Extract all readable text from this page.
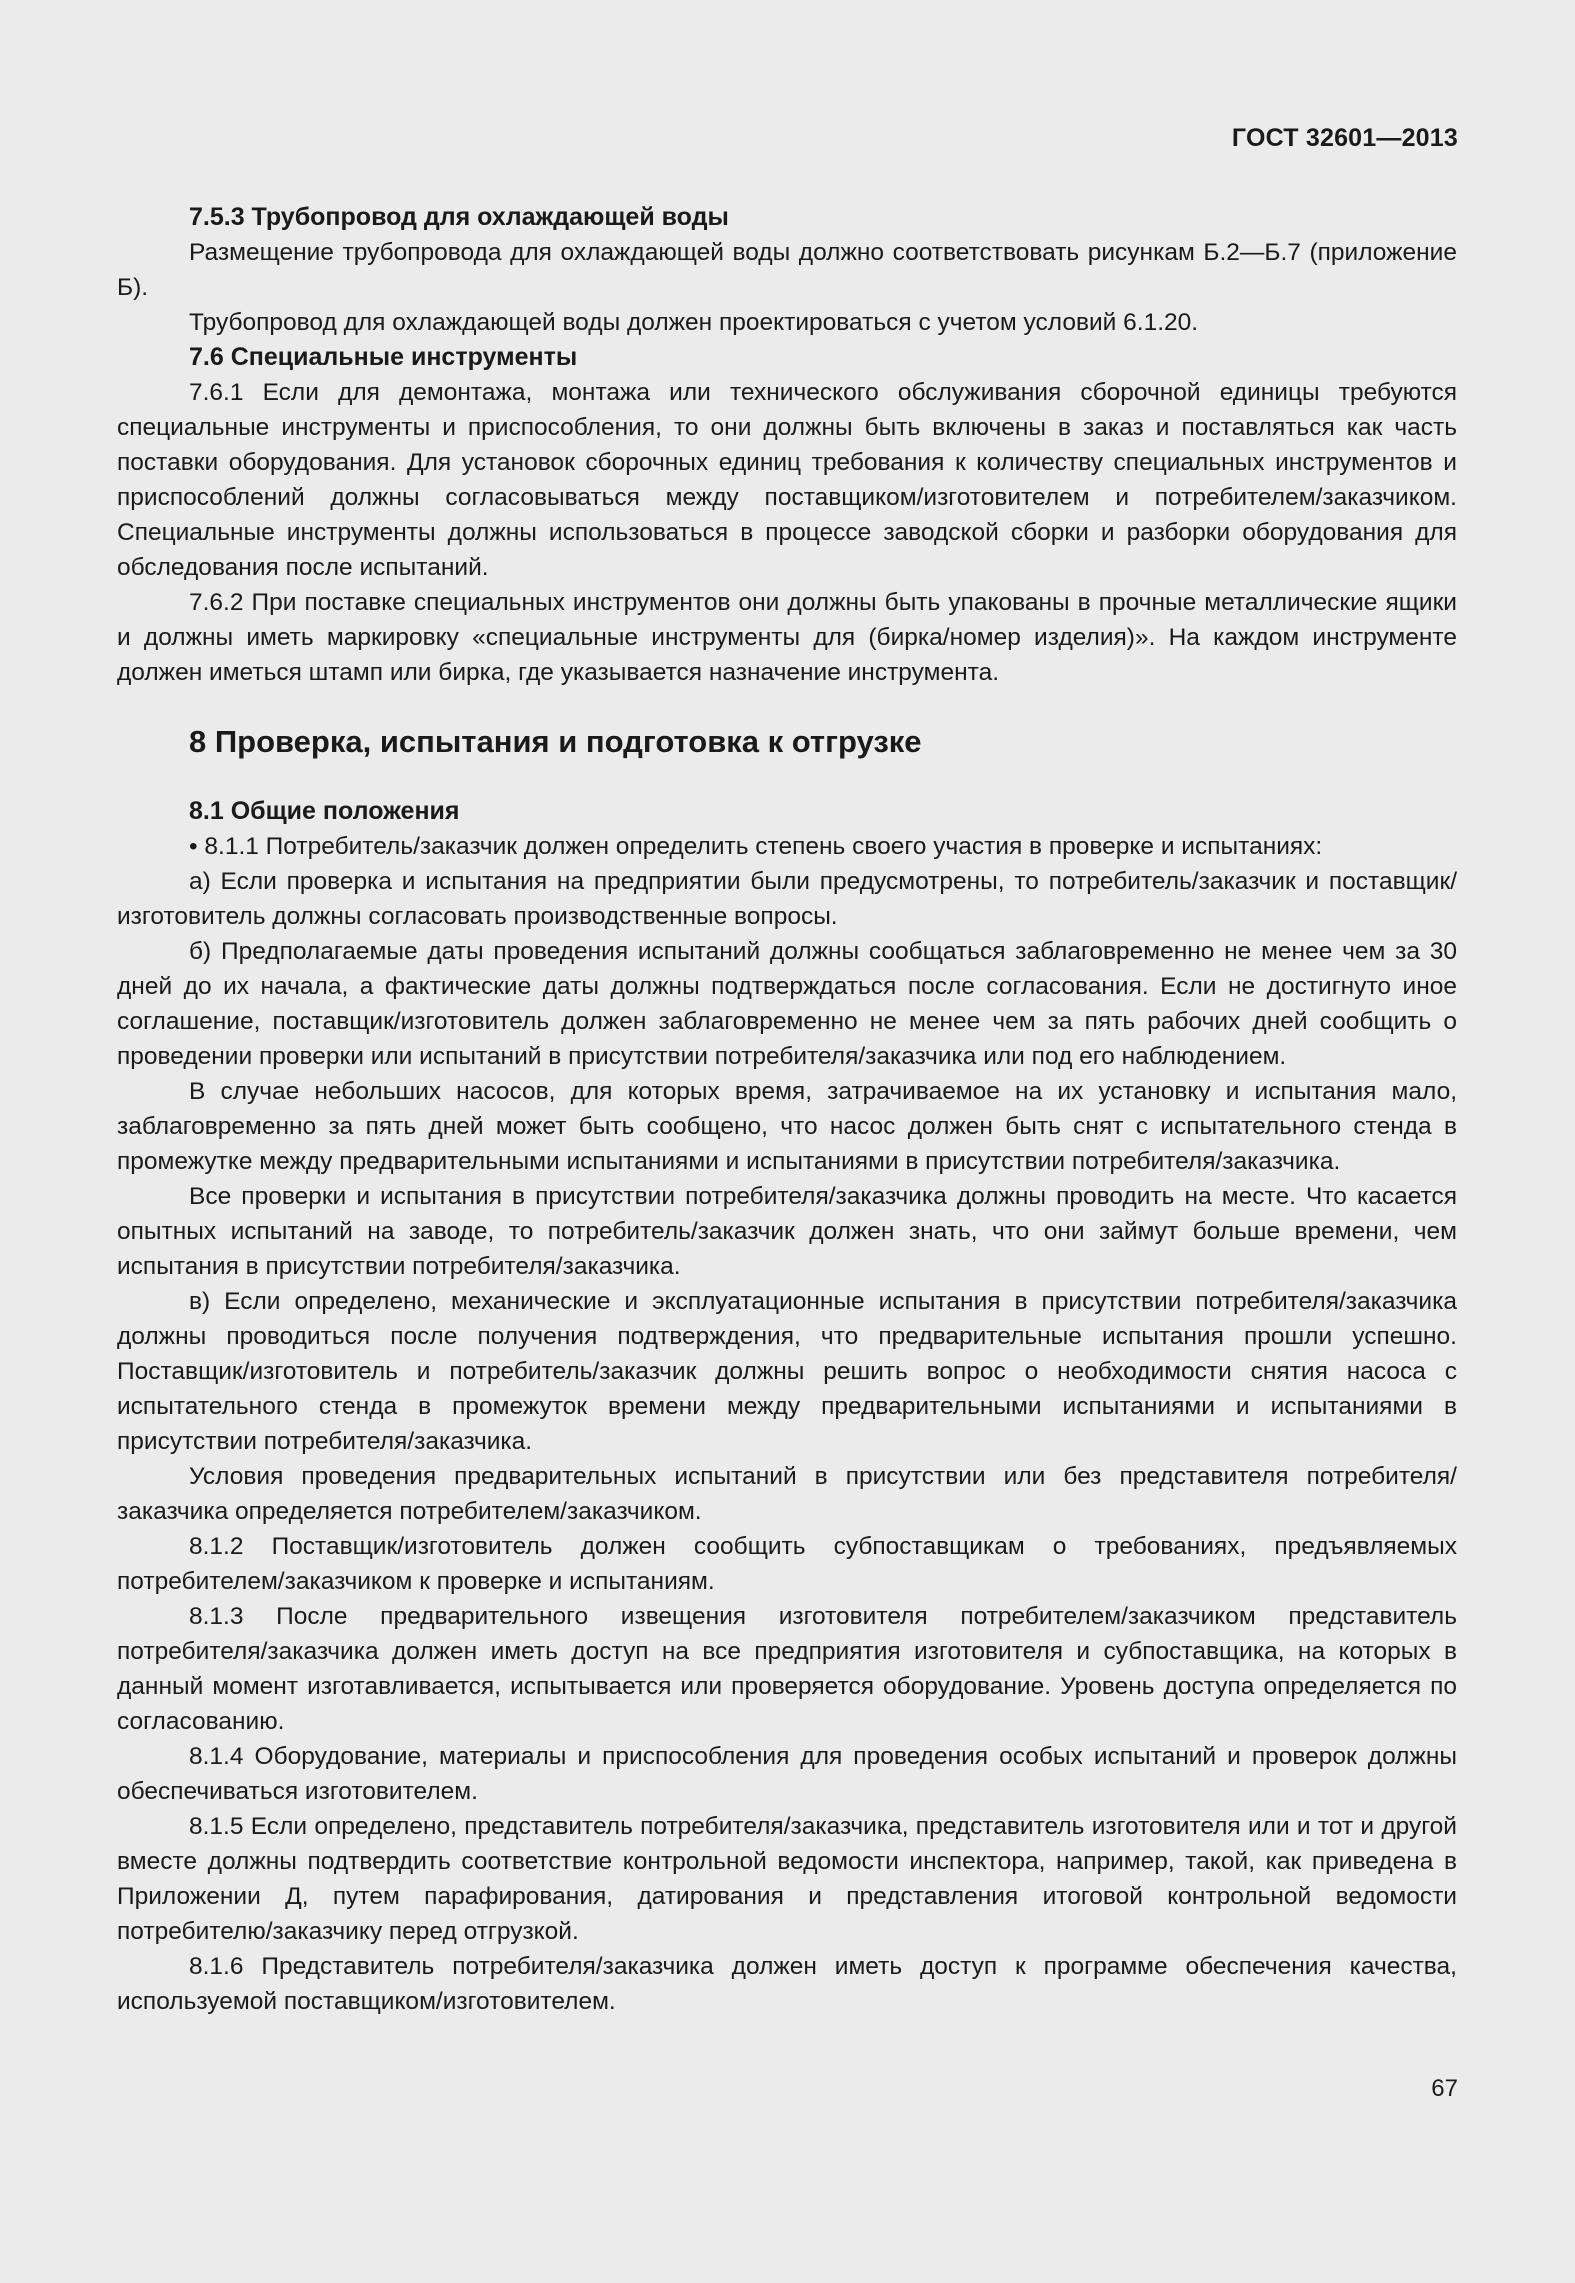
ГОСТ 32601—2013
7.5.3 Трубопровод для охлаждающей воды

Размещение трубопровода для охлаждающей воды должно соответствовать рисункам Б.2—Б.7 (приложение Б).

Трубопровод для охлаждающей воды должен проектироваться с учетом условий 6.1.20.

7.6 Специальные инструменты

7.6.1 Если для демонтажа, монтажа или технического обслуживания сборочной единицы требуются специальные инструменты и приспособления, то они должны быть включены в заказ и поставляться как часть поставки оборудования. Для установок сборочных единиц требования к количеству специальных инструментов и приспособлений должны согласовываться между поставщиком/изготовителем и потребителем/заказчиком. Специальные инструменты должны использоваться в процессе заводской сборки и разборки оборудования для обследования после испытаний.

7.6.2 При поставке специальных инструментов они должны быть упакованы в прочные металлические ящики и должны иметь маркировку «специальные инструменты для (бирка/номер изделия)». На каждом инструменте должен иметься штамп или бирка, где указывается назначение инструмента.

8 Проверка, испытания и подготовка к отгрузке
8.1 Общие положения

• 8.1.1 Потребитель/заказчик должен определить степень своего участия в проверке и испытаниях:

а) Если проверка и испытания на предприятии были предусмотрены, то потребитель/заказчик и поставщик/изготовитель должны согласовать производственные вопросы.

б) Предполагаемые даты проведения испытаний должны сообщаться заблаговременно не менее чем за 30 дней до их начала, а фактические даты должны подтверждаться после согласования. Если не достигнуто иное соглашение, поставщик/изготовитель должен заблаговременно не менее чем за пять рабочих дней сообщить о проведении проверки или испытаний в присутствии потребителя/заказчика или под его наблюдением.

В случае небольших насосов, для которых время, затрачиваемое на их установку и испытания мало, заблаговременно за пять дней может быть сообщено, что насос должен быть снят с испытательного стенда в промежутке между предварительными испытаниями и испытаниями в присутствии потребителя/заказчика.

Все проверки и испытания в присутствии потребителя/заказчика должны проводить на месте. Что касается опытных испытаний на заводе, то потребитель/заказчик должен знать, что они займут больше времени, чем испытания в присутствии потребителя/заказчика.

в) Если определено, механические и эксплуатационные испытания в присутствии потребителя/заказчика должны проводиться после получения подтверждения, что предварительные испытания прошли успешно. Поставщик/изготовитель и потребитель/заказчик должны решить вопрос о необходимости снятия насоса с испытательного стенда в промежуток времени между предварительными испытаниями и испытаниями в присутствии потребителя/заказчика.

Условия проведения предварительных испытаний в присутствии или без представителя потребителя/заказчика определяется потребителем/заказчиком.

8.1.2 Поставщик/изготовитель должен сообщить субпоставщикам о требованиях, предъявляемых потребителем/заказчиком к проверке и испытаниям.

8.1.3 После предварительного извещения изготовителя потребителем/заказчиком представитель потребителя/заказчика должен иметь доступ на все предприятия изготовителя и субпоставщика, на которых в данный момент изготавливается, испытывается или проверяется оборудование. Уровень доступа определяется по согласованию.

8.1.4 Оборудование, материалы и приспособления для проведения особых испытаний и проверок должны обеспечиваться изготовителем.

8.1.5 Если определено, представитель потребителя/заказчика, представитель изготовителя или и тот и другой вместе должны подтвердить соответствие контрольной ведомости инспектора, например, такой, как приведена в Приложении Д, путем парафирования, датирования и представления итоговой контрольной ведомости потребителю/заказчику перед отгрузкой.

8.1.6 Представитель потребителя/заказчика должен иметь доступ к программе обеспечения качества, используемой поставщиком/изготовителем.

67
